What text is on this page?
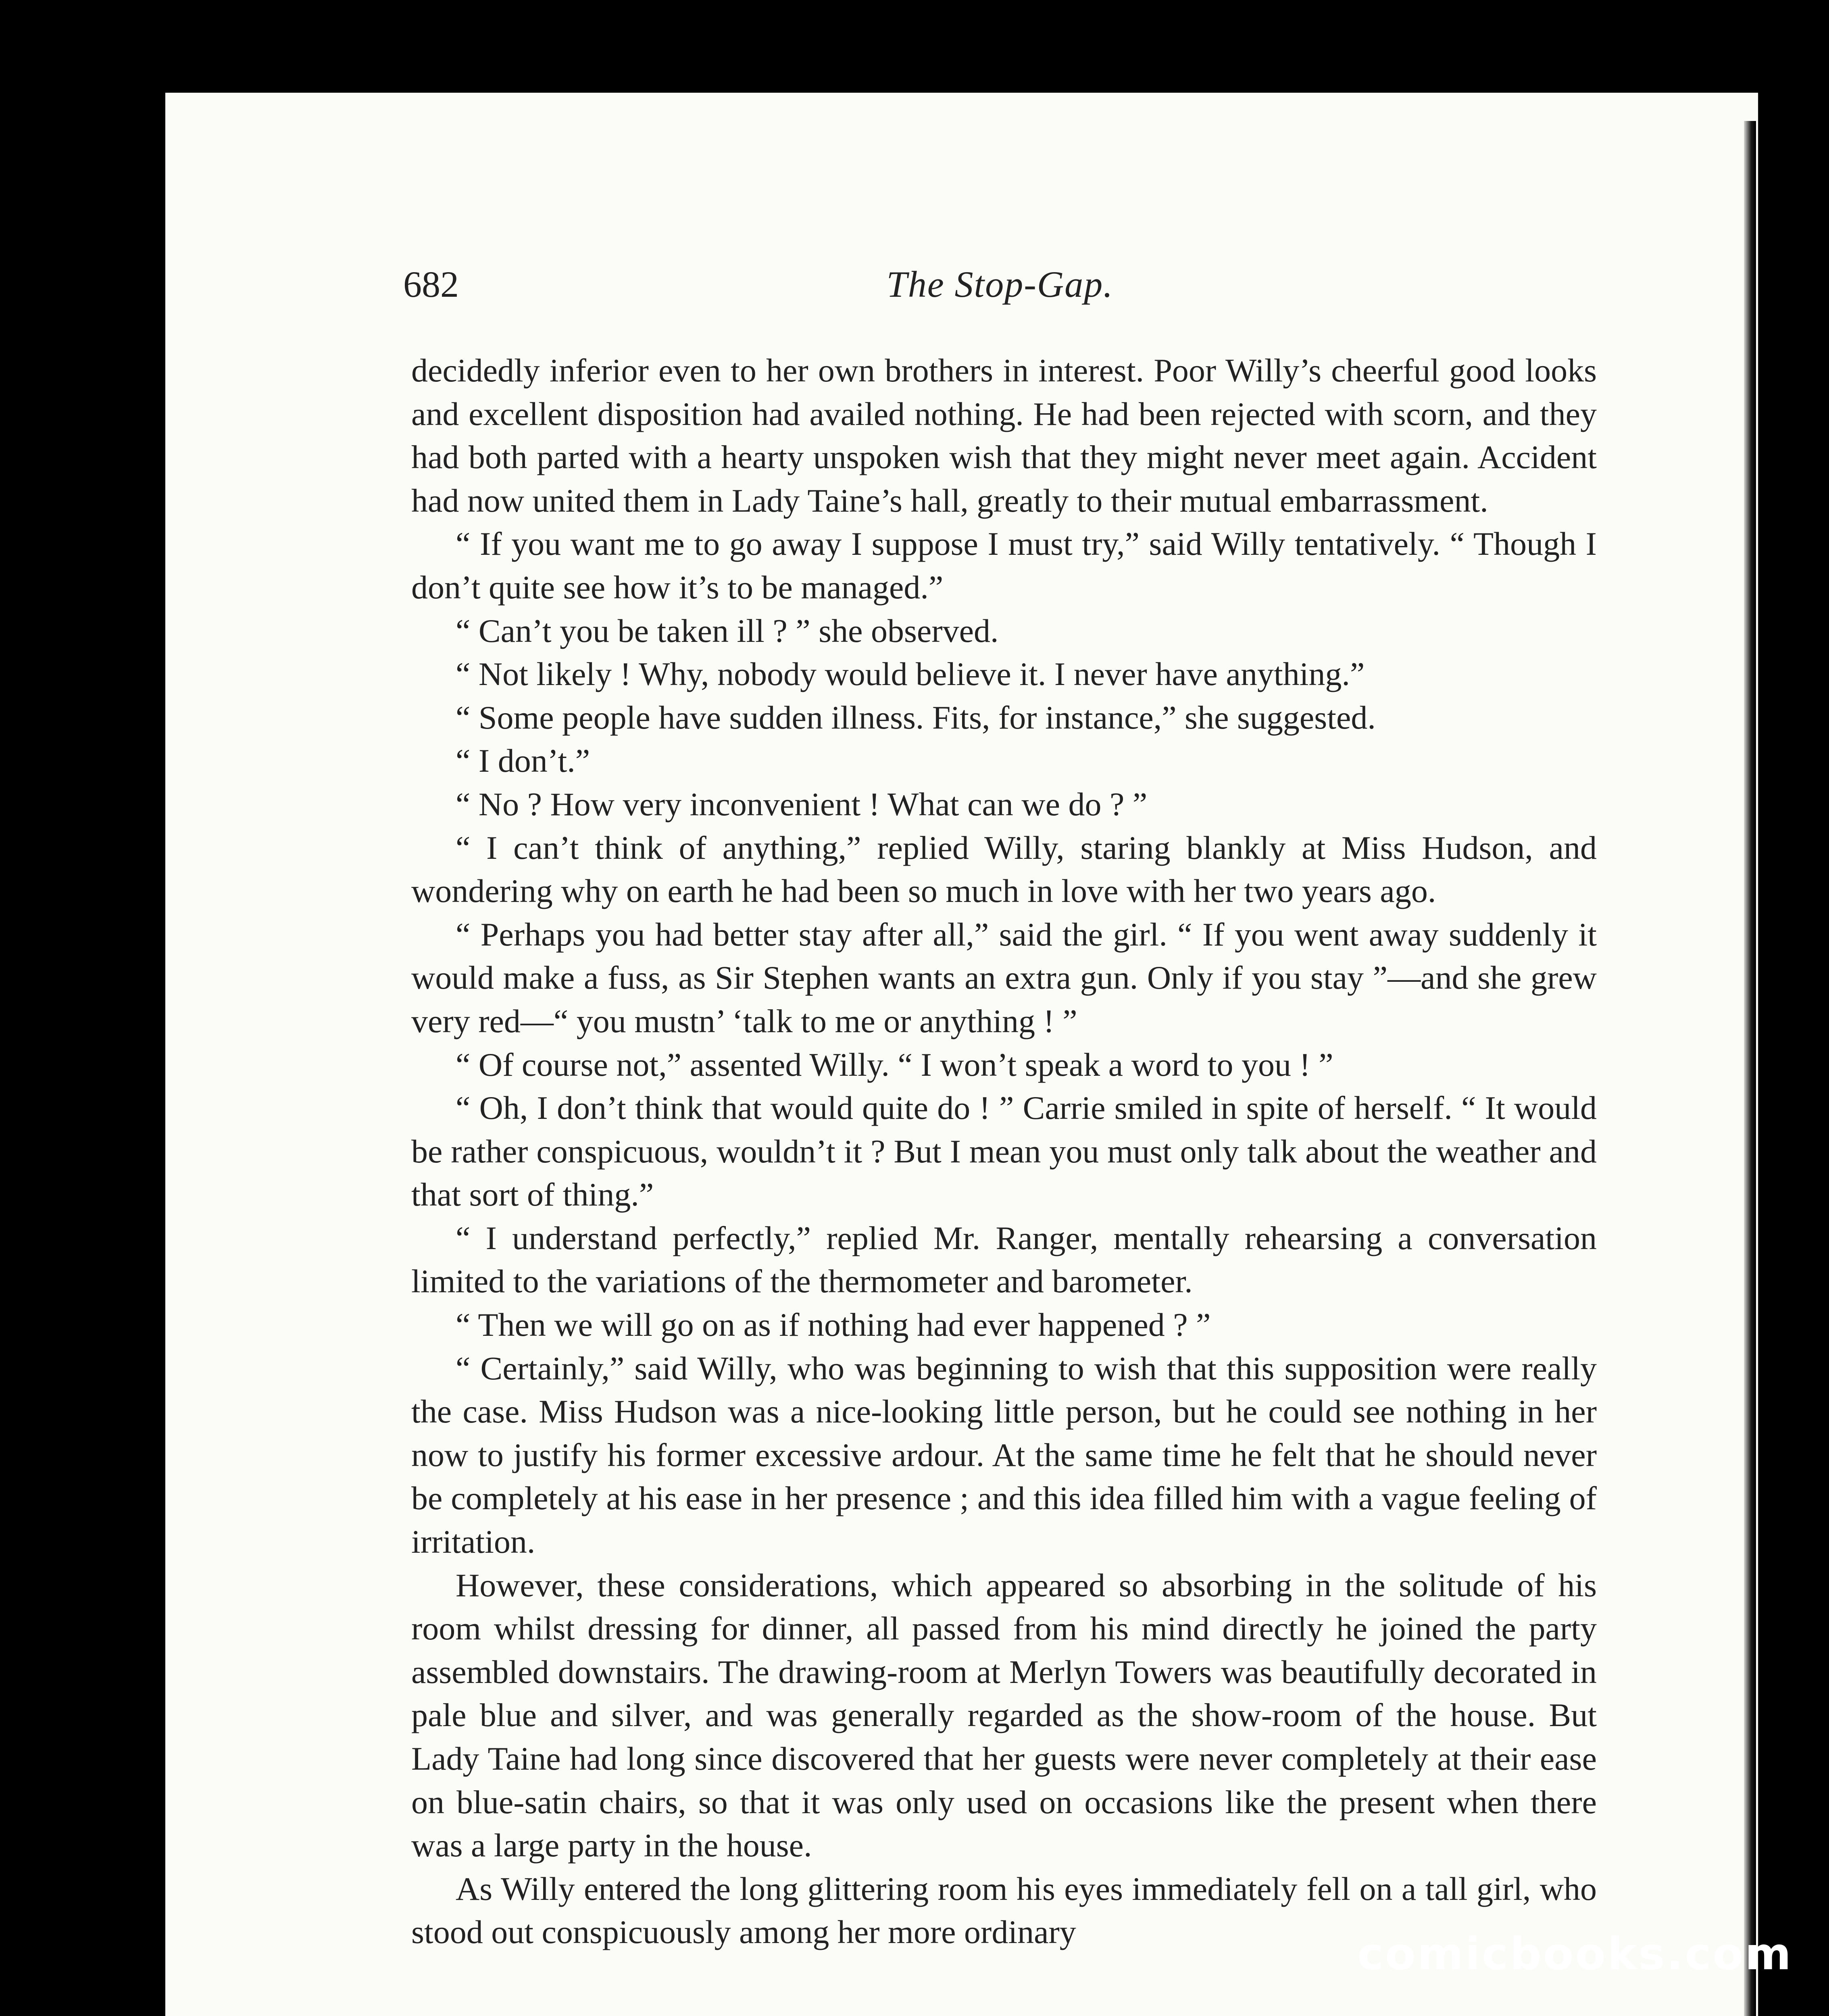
682	The Stop-Gap.

decidedly inferior even to her own brothers in interest. Poor Willy’s cheerful good looks and excellent disposition had availed nothing. He had been rejected with scorn, and they had both parted with a hearty unspoken wish that they might never meet again. Accident had now united them in Lady Taine’s hall, greatly to their mutual embarrassment.

“ If you want me to go away I suppose I must try,” said Willy tentatively. “ Though I don’t quite see how it’s to be managed.”

“ Can’t you be taken ill ? ” she observed.

“ Not likely ! Why, nobody would believe it. I never have anything.”

“ Some people have sudden illness. Fits, for instance,” she suggested.

“ I don’t.”

“ No ? How very inconvenient ! What can we do ? ”

“ I can’t think of anything,” replied Willy, staring blankly at Miss Hudson, and wondering why on earth he had been so much in love with her two years ago.

“ Perhaps you had better stay after all,” said the girl. “ If you went away suddenly it would make a fuss, as Sir Stephen wants an extra gun. Only if you stay ”—and she grew very red—“ you mustn’ ‘talk to me or anything ! ”

“ Of course not,” assented Willy. “ I won’t speak a word to you ! ”

“ Oh, I don’t think that would quite do ! ” Carrie smiled in spite of herself. “ It would be rather conspicuous, wouldn’t it ? But I mean you must only talk about the weather and that sort of thing.”

“ I understand perfectly,” replied Mr. Ranger, mentally rehearsing a conversation limited to the variations of the thermometer and barometer.

“ Then we will go on as if nothing had ever happened ? ”

“ Certainly,” said Willy, who was beginning to wish that this supposition were really the case. Miss Hudson was a nice-looking little person, but he could see nothing in her now to justify his former excessive ardour. At the same time he felt that he should never be completely at his ease in her presence ; and this idea filled him with a vague feeling of irritation.

However, these considerations, which appeared so absorbing in the solitude of his room whilst dressing for dinner, all passed from his mind directly he joined the party assembled downstairs. The drawing-room at Merlyn Towers was beautifully decorated in pale blue and silver, and was generally regarded as the show-room of the house. But Lady Taine had long since discovered that her guests were never completely at their ease on blue-satin chairs, so that it was only used on occasions like the present when there was a large party in the house.

As Willy entered the long glittering room his eyes immediately fell on a tall girl, who stood out conspicuously among her more ordinary	comicbooks.com
